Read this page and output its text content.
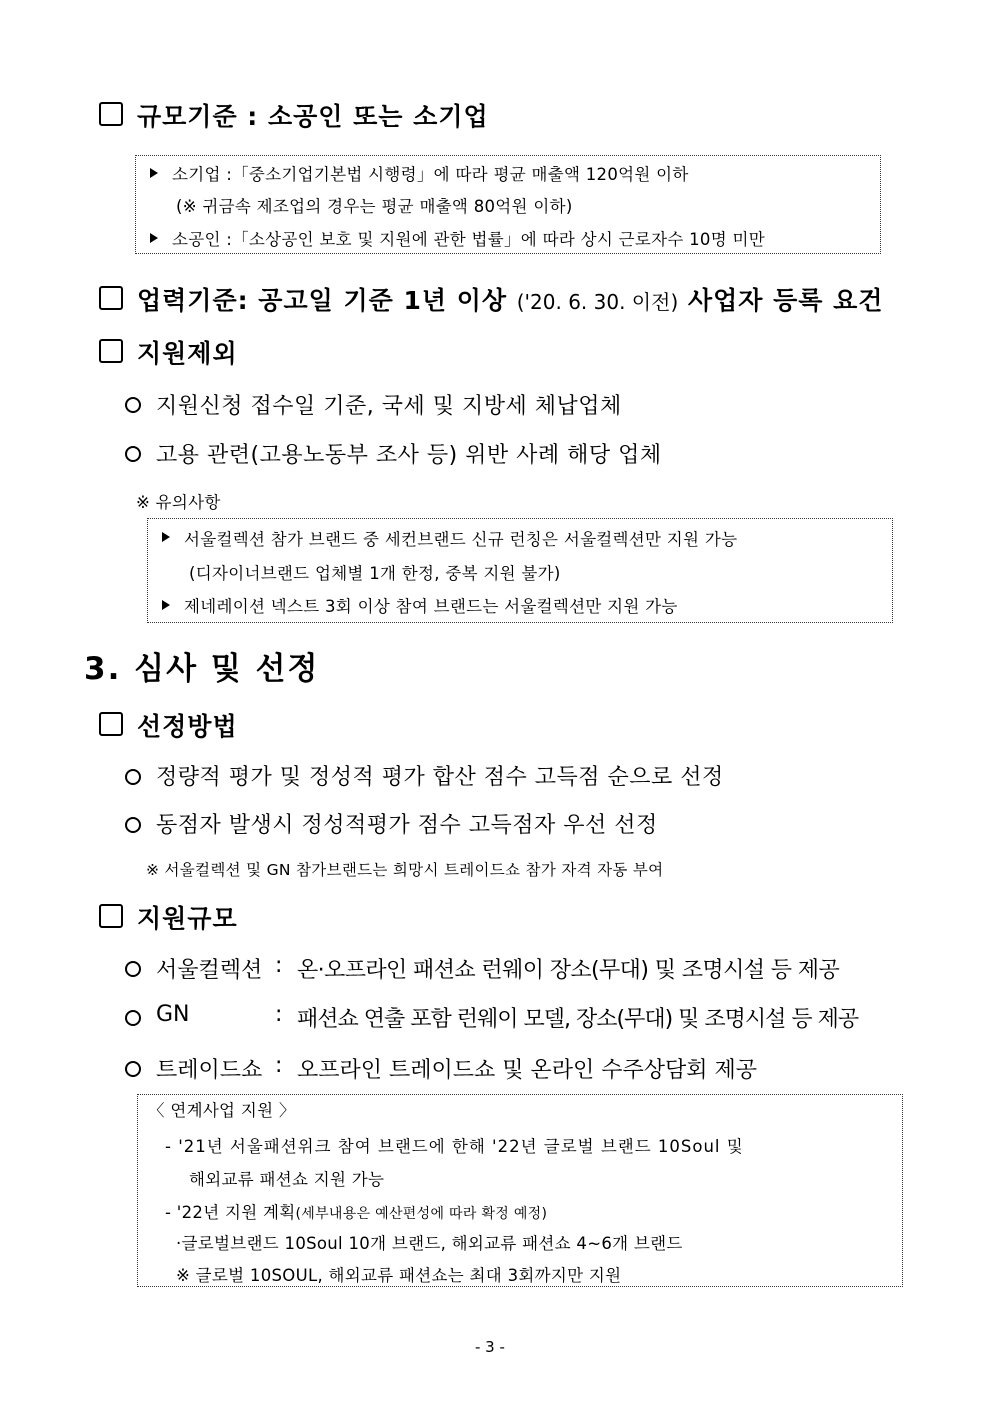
규모기준 : 소공인 또는 소기업
소기업 :「중소기업기본법 시행령」에 따라 평균 매출액 120억원 이하
(※ 귀금속 제조업의 경우는 평균 매출액 80억원 이하)
소공인 :「소상공인 보호 및 지원에 관한 법률」에 따라 상시 근로자수 10명 미만
업력기준: 공고일 기준 1년 이상 ('20. 6. 30. 이전) 사업자 등록 요건
지원제외
지원신청 접수일 기준, 국세 및 지방세 체납업체
고용 관련(고용노동부 조사 등) 위반 사례 해당 업체
※ 유의사항
서울컬렉션 참가 브랜드 중 세컨브랜드 신규 런칭은 서울컬렉션만 지원 가능
(디자이너브랜드 업체별 1개 한정, 중복 지원 불가)
제네레이션 넥스트 3회 이상 참여 브랜드는 서울컬렉션만 지원 가능
3. 심사 및 선정
선정방법
정량적 평가 및 정성적 평가 합산 점수 고득점 순으로 선정
동점자 발생시 정성적평가 점수 고득점자 우선 선정
※ 서울컬렉션 및 GN 참가브랜드는 희망시 트레이드쇼 참가 자격 자동 부여
지원규모
서울컬렉션 : 온·오프라인 패션쇼 런웨이 장소(무대) 및 조명시설 등 제공
GN	: 패션쇼 연출 포함 런웨이 모델, 장소(무대) 및 조명시설 등 제공
트레이드쇼 : 오프라인 트레이드쇼 및 온라인 수주상담회 제공
〈 연계사업 지원 〉
- '21년 서울패션위크 참여 브랜드에 한해 '22년 글로벌 브랜드 10Soul 및
해외교류 패션쇼 지원 가능
- '22년 지원 계획(세부내용은 예산편성에 따라 확정 예정)
·글로벌브랜드 10Soul 10개 브랜드, 해외교류 패션쇼 4~6개 브랜드
※ 글로벌 10SOUL, 해외교류 패션쇼는 최대 3회까지만 지원
- 3 -
